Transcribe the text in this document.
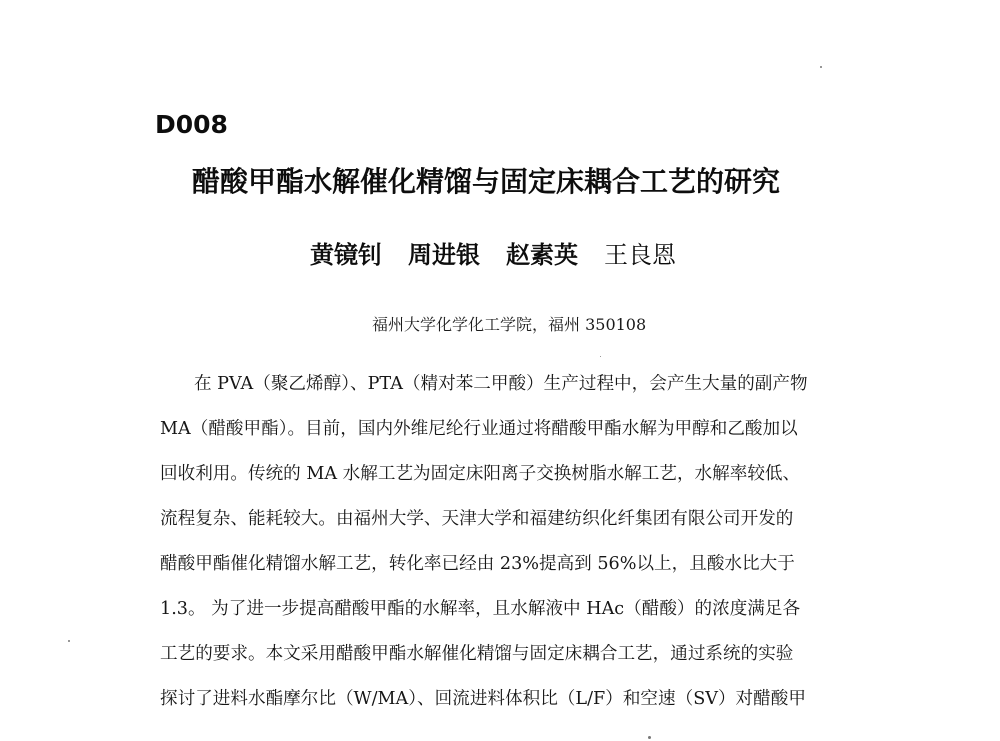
D008
醋酸甲酯水解催化精馏与固定床耦合工艺的研究
黄镜钊 周进银 赵素英 王良恩
福州大学化学化工学院，福州 350108
在 PVA（聚乙烯醇）、PTA（精对苯二甲酸）生产过程中，会产生大量的副产物
MA（醋酸甲酯）。目前，国内外维尼纶行业通过将醋酸甲酯水解为甲醇和乙酸加以
回收利用。传统的 MA 水解工艺为固定床阳离子交换树脂水解工艺，水解率较低、
流程复杂、能耗较大。由福州大学、天津大学和福建纺织化纤集团有限公司开发的
醋酸甲酯催化精馏水解工艺，转化率已经由 23%提高到 56%以上，且酸水比大于
1.3。 为了进一步提高醋酸甲酯的水解率，且水解液中 HAc（醋酸）的浓度满足各
工艺的要求。本文采用醋酸甲酯水解催化精馏与固定床耦合工艺，通过系统的实验
探讨了进料水酯摩尔比（W/MA）、回流进料体积比（L/F）和空速（SV）对醋酸甲
